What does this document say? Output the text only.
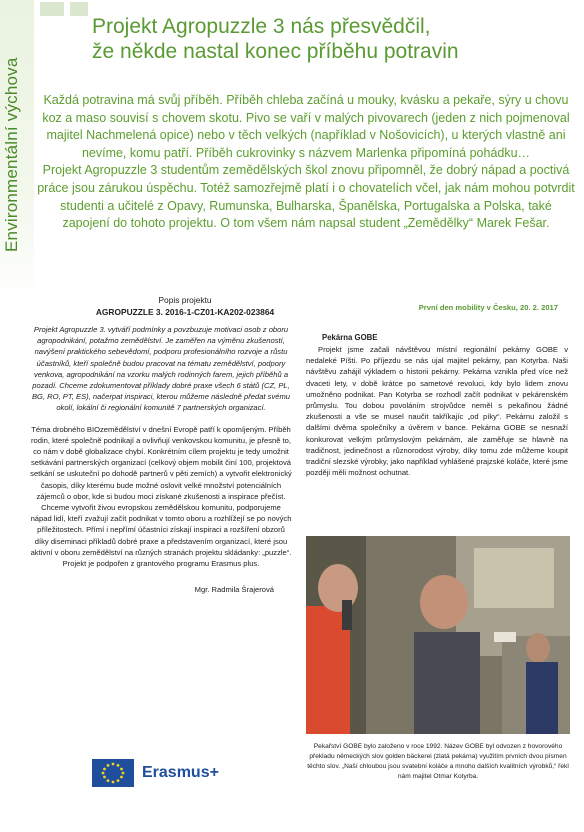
Environmentální výchova
Projekt Agropuzzle 3 nás přesvědčil,
že někde nastal konec příběhu potravin

Každá potravina má svůj příběh. Příběh chleba začíná u mouky, kvásku a pekaře, sýry u chovu koz a maso souvisí s chovem skotu. Pivo se vaří v malých pivovarech (jeden z nich pojmenoval majitel Nachmelená opice) nebo v těch velkých (například v Nošovicích), u kterých vlastně ani nevíme, komu patří. Příběh cukrovinky s názvem Marlenka připomíná pohádku…

Projekt Agropuzzle 3 studentům zemědělských škol znovu připomněl, že dobrý nápad a poctivá práce jsou zárukou úspěchu. Totéž samozřejmě platí i o chovatelích včel, jak nám mohou potvrdit studenti a učitelé z Opavy, Rumunska, Bulharska, Španělska, Portugalska a Polska, také zapojení do tohoto projektu. O tom všem nám napsal student „Zemědělky“ Marek Fešar.

Popis projektu
AGROPUZZLE 3. 2016-1-CZ01-KA202-023864	První den mobility v Česku, 20. 2. 2017

Projekt Agropuzzle 3. vytváří podmínky a povzbuzuje motivaci osob z oboru agropodnikání, potažmo zemědělství. Je zaměřen na výměnu zkušeností, navýšení praktického sebevědomí, podporu profesionálního rozvoje a růstu účastníků, kteří společně budou pracovat na tématu zemědělství, podpory venkova, agropodnikání na vzorku malých rodinných farem, jejich příběhů a pozadí. Chceme zdokumentovat příklady dobré praxe všech 6 států (CZ, PL, BG, RO, PT, ES), načerpat inspiraci, kterou můžeme následně předat svému okolí, lokální či regionální komunitě 7 partnerských organizací.

Téma drobného BIOzemědělství v dnešní Evropě patří k opomíjeným. Příběh rodin, které společně podnikají a ovlivňují venkovskou komunitu, je přesně to, co nám v době globalizace chybí. Konkrétním cílem projektu je tedy umožnit setkávání partnerských organizací (celkový objem mobilit činí 100, projektová setkání se uskuteční po dohodě partnerů v pěti zemích) a vytvořit elektronický časopis, díky kterému bude možné oslovit velké množství potenciálních zájemců o obor, kde si budou moci získané zkušenosti a inspirace přečíst. Chceme vytvořit živou evropskou zemědělskou komunitu, podporujeme nápad lidí, kteří zvažují začít podnikat v tomto oboru a rozhlížejí se po nových příležitostech. Přímí i nepřímí účastníci získají inspiraci a rozšíření obzorů díky diseminaci příkladů dobré praxe a představením organizací, které jsou aktivní v oboru zemědělství na různých stranách projektu skládanky: „puzzle“.

Projekt je podpořen z grantového programu Erasmus plus.

Mgr. Radmila Šrajerová

Pekárna GOBE

Projekt jsme začali návštěvou místní regionální pekárny GOBE v nedaleké Píšti. Po příjezdu se nás ujal majitel pekárny, pan Kotyrba. Naši návštěvu zahájil výkladem o historii pekárny. Pekárna vznikla před více než dvaceti lety, v době krátce po sametové revoluci, kdy bylo lidem znovu umožněno podnikat. Pan Kotyrba se rozhodl začít podnikat v pekárenském průmyslu. Tou dobou povoláním strojvůdce neměl s pekařinou žádné zkušenosti a vše se musel naučit takříkajíc „od píky“. Pekárnu založil s dalšími dvěma společníky a úvěrem v bance. Pekárna GOBE se nesnaží konkurovat velkým průmyslovým pekárnám, ale zaměřuje se hlavně na tradičnost, jedinečnost a různorodost výroby, díky tomu zde můžeme koupit tradiční slezské výrobky, jako například vyhlášené prajzské koláče, které jsme později měli možnost ochutnat.

Pekařství GOBE bylo založeno v roce 1992. Název GOBE byl odvozen z hovorového překladu německých slov golden bäckerei (zlatá pekárna) využitím prvních dvou písmen těchto slov. „Naší chloubou jsou svatební koláče a mnoho dalších kvalitních výrobků,“ řekl nám majitel Otmar Kotyrba.

Erasmus+
